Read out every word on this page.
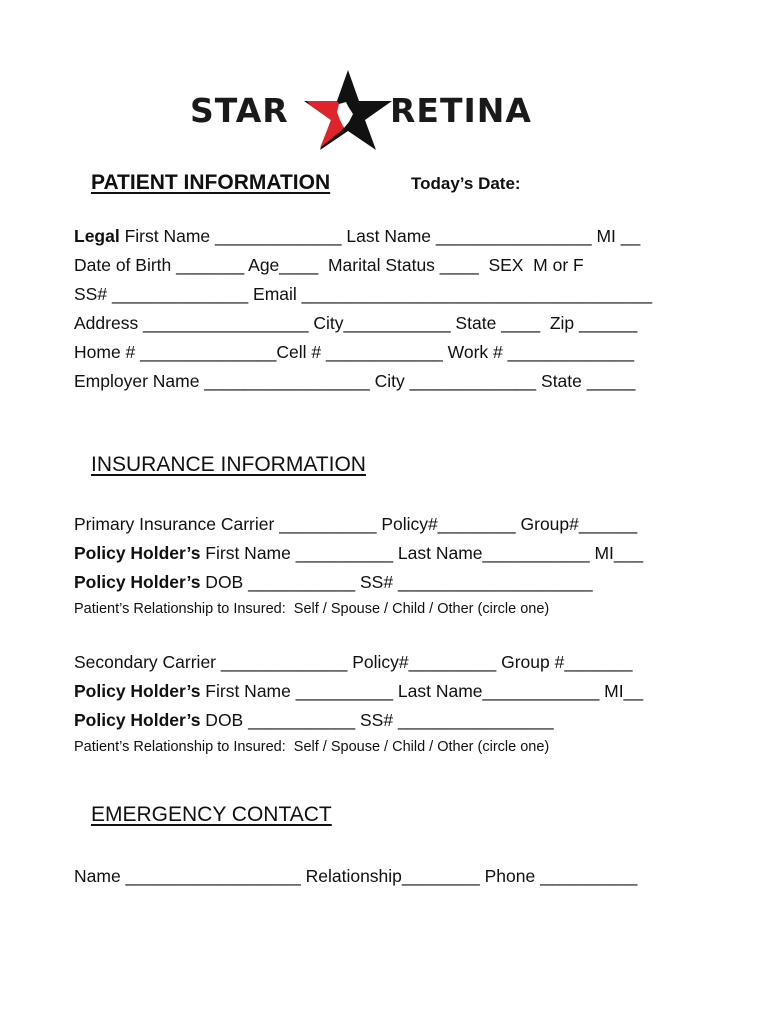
STAR	RETINA
PATIENT INFORMATION	Today’s Date:
Legal First Name _____________ Last Name ________________ MI __
Date of Birth _______ Age____  Marital Status ____  SEX  M or F
SS# ______________ Email ____________________________________
Address _________________ City___________ State ____  Zip ______
Home # ______________Cell # ____________ Work # _____________
Employer Name _________________ City _____________ State _____
INSURANCE INFORMATION
Primary Insurance Carrier __________ Policy#________ Group#______
Policy Holder’s First Name __________ Last Name___________ MI___
Policy Holder’s DOB ___________ SS# ____________________
Patient’s Relationship to Insured:  Self / Spouse / Child / Other (circle one)
Secondary Carrier _____________ Policy#_________ Group #_______
Policy Holder’s First Name __________ Last Name____________ MI__
Policy Holder’s DOB ___________ SS# ________________
Patient’s Relationship to Insured:  Self / Spouse / Child / Other (circle one)
EMERGENCY CONTACT
Name __________________ Relationship________ Phone __________
